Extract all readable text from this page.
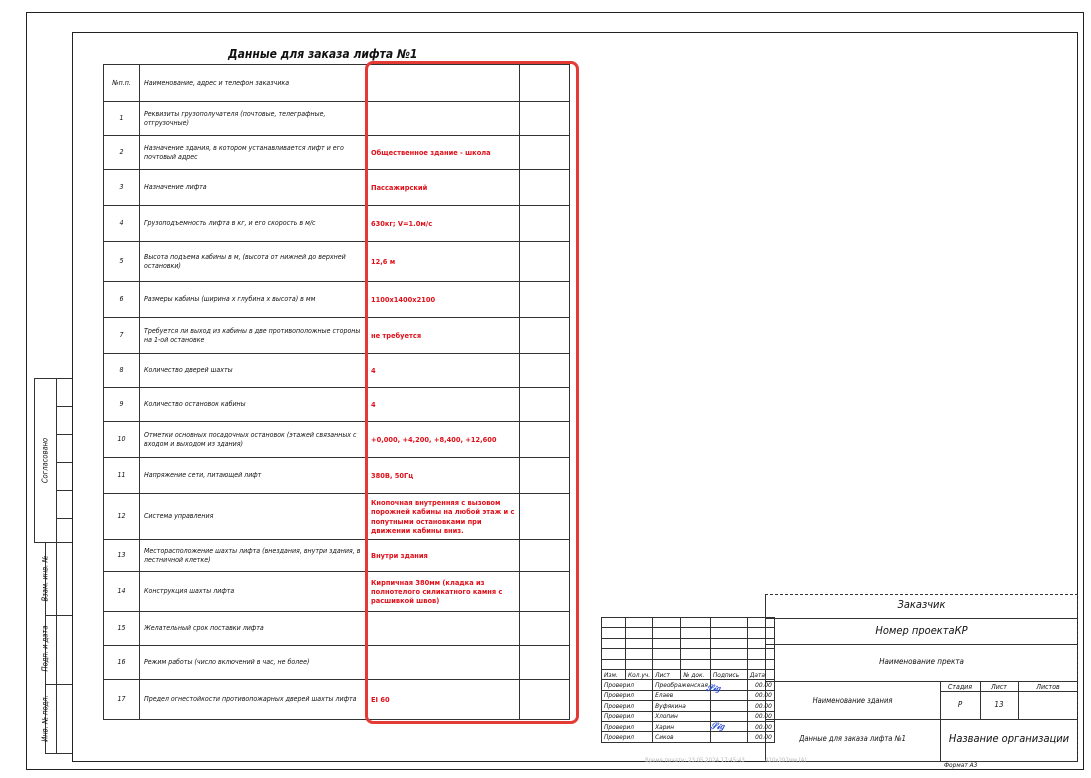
Данные для заказа лифта №1
№п.п.	Наименование, адрес и телефон заказчика		
1	Реквизиты грузополучателя (почтовые, телеграфные, отгрузочные)		
2	Назначение здания, в котором устанавливается лифт и его почтовый адрес	Общественное здание - школа	
3	Назначение лифта	Пассажирский	
4	Грузоподъемность лифта в кг, и его скорость в м/с	630кг; V=1.0м/с	
5	Высота подъема кабины в м, (высота от нижней до верхней остановки)	12,6 м	
6	Размеры кабины (ширина х глубина х высота) в мм	1100х1400х2100	
7	Требуется ли выход из кабины в две противоположные стороны на 1-ой остановке	не требуется	
8	Количество дверей шахты	4	
9	Количество остановок кабины	4	
10	Отметки основных посадочных остановок (этажей связанных с входом и выходом из здания)	+0,000, +4,200, +8,400, +12,600	
11	Напряжение сети, питающей лифт	380В, 50Гц	
12	Система управления	Кнопочная внутренняя с вызовом порожней кабины на любой этаж и с попутными остановками при движении кабины вниз.	
13	Месторасположение шахты лифта (внездания, внутри здания, в лестничной клетке)	Внутри здания	
14	Конструкция шахты лифта	Кирпичная 380мм (кладка из полнотелого силикатного камня с расшивкой швов)	
15	Желательный срок поставки лифта		
16	Режим работы (число включений в час, не более)		
17	Предел огнестойкости противопожарных дверей шахты лифта	EI 60	
Согласовано
Взам. инв. №
Подп. и дата
Инв. № подл.
Заказчик
Номер проектаКР
Наименование пректа
Стадия	Лист	Листов
Р	13
Наименование здания
Данные для заказа лифта №1	Название организации
Формат А3

Изм.	Кол.уч.	Лист	№ док.	Подпись	Дата
Проверил		Преображенская			00.00
Проверил		Елаев			00.00
Проверил		Вуфякина			00.00
Проверил		Хлопин			00.00
Проверил		Харин			00.00
Проверил		Сиков			00.00
𝒮𝒾𝑔
𝒮𝒾𝑔
Время печати: 23.05.2024 17:45:43	420х297мм (А)
